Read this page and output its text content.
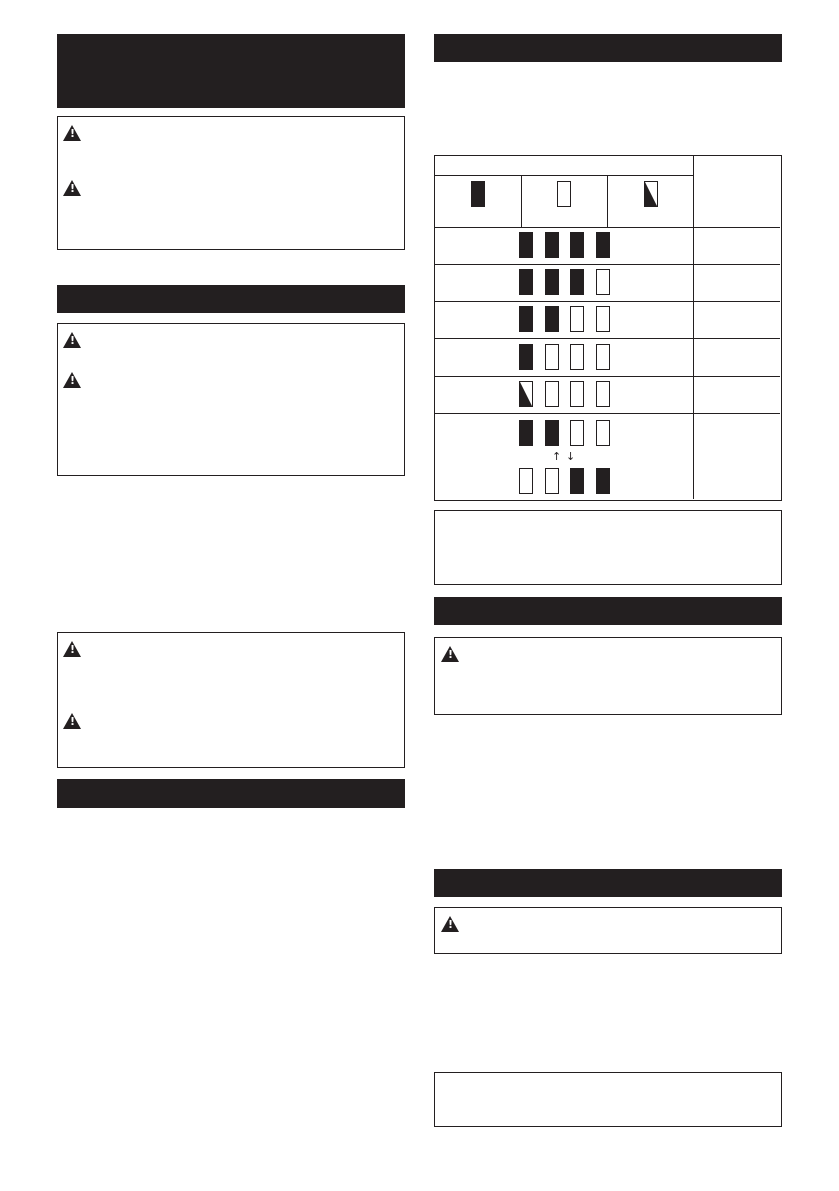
!
!
!
!
!
!
↑ ↓
!
!
